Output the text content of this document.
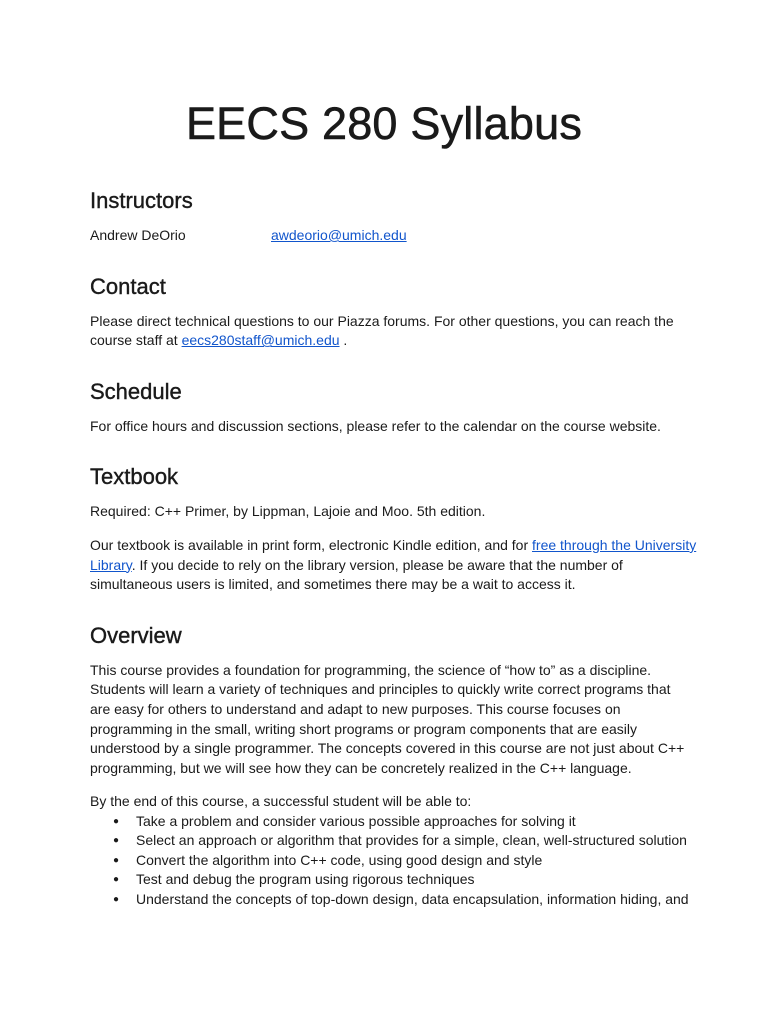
EECS 280 Syllabus
Instructors
Andrew DeOrio	awdeorio@umich.edu
Contact

Please direct technical questions to our Piazza forums. For other questions, you can reach the course staff at eecs280staff@umich.edu .

Schedule

For office hours and discussion sections, please refer to the calendar on the course website.

Textbook

Required: C++ Primer, by Lippman, Lajoie and Moo. 5th edition.

Our textbook is available in print form, electronic Kindle edition, and for free through the University Library. If you decide to rely on the library version, please be aware that the number of simultaneous users is limited, and sometimes there may be a wait to access it.

Overview

This course provides a foundation for programming, the science of “how to” as a discipline. Students will learn a variety of techniques and principles to quickly write correct programs that are easy for others to understand and adapt to new purposes. This course focuses on programming in the small, writing short programs or program components that are easily understood by a single programmer. The concepts covered in this course are not just about C++ programming, but we will see how they can be concretely realized in the C++ language.

By the end of this course, a successful student will be able to:

● Take a problem and consider various possible approaches for solving it
● Select an approach or algorithm that provides for a simple, clean, well-structured solution
● Convert the algorithm into C++ code, using good design and style
● Test and debug the program using rigorous techniques
● Understand the concepts of top-down design, data encapsulation, information hiding, and
